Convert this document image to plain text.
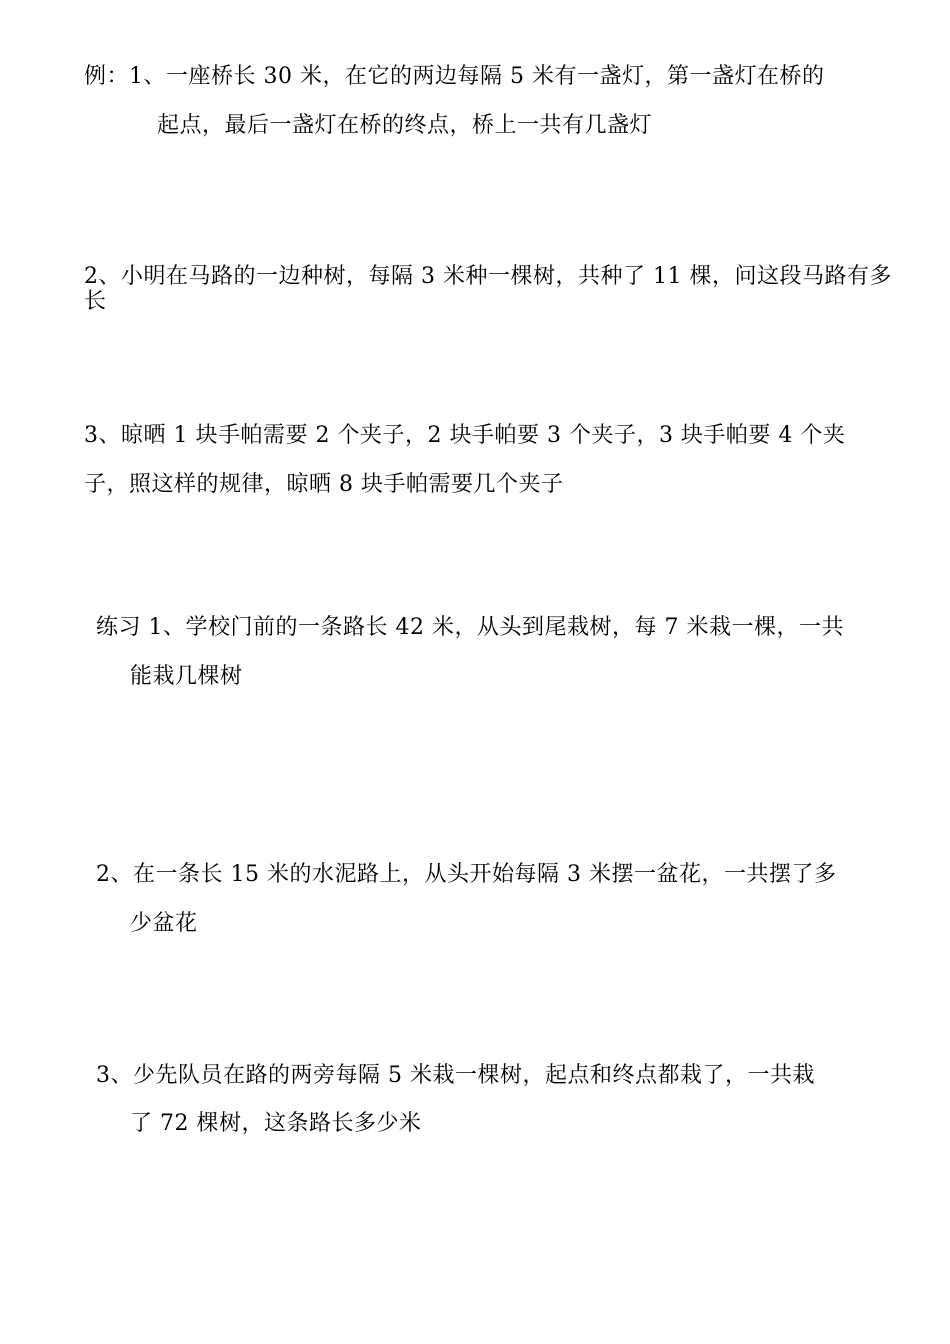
例：1、一座桥长 30 米，在它的两边每隔 5 米有一盏灯，第一盏灯在桥的
起点，最后一盏灯在桥的终点，桥上一共有几盏灯
2、小明在马路的一边种树，每隔 3 米种一棵树，共种了 11 棵，问这段马路有多
长
3、晾晒 1 块手帕需要 2 个夹子，2 块手帕要 3 个夹子，3 块手帕要 4 个夹
子，照这样的规律，晾晒 8 块手帕需要几个夹子
练习 1、学校门前的一条路长 42 米，从头到尾栽树，每 7 米栽一棵，一共
能栽几棵树
2、在一条长 15 米的水泥路上，从头开始每隔 3 米摆一盆花，一共摆了多
少盆花
3、少先队员在路的两旁每隔 5 米栽一棵树，起点和终点都栽了，一共栽
了 72 棵树，这条路长多少米
